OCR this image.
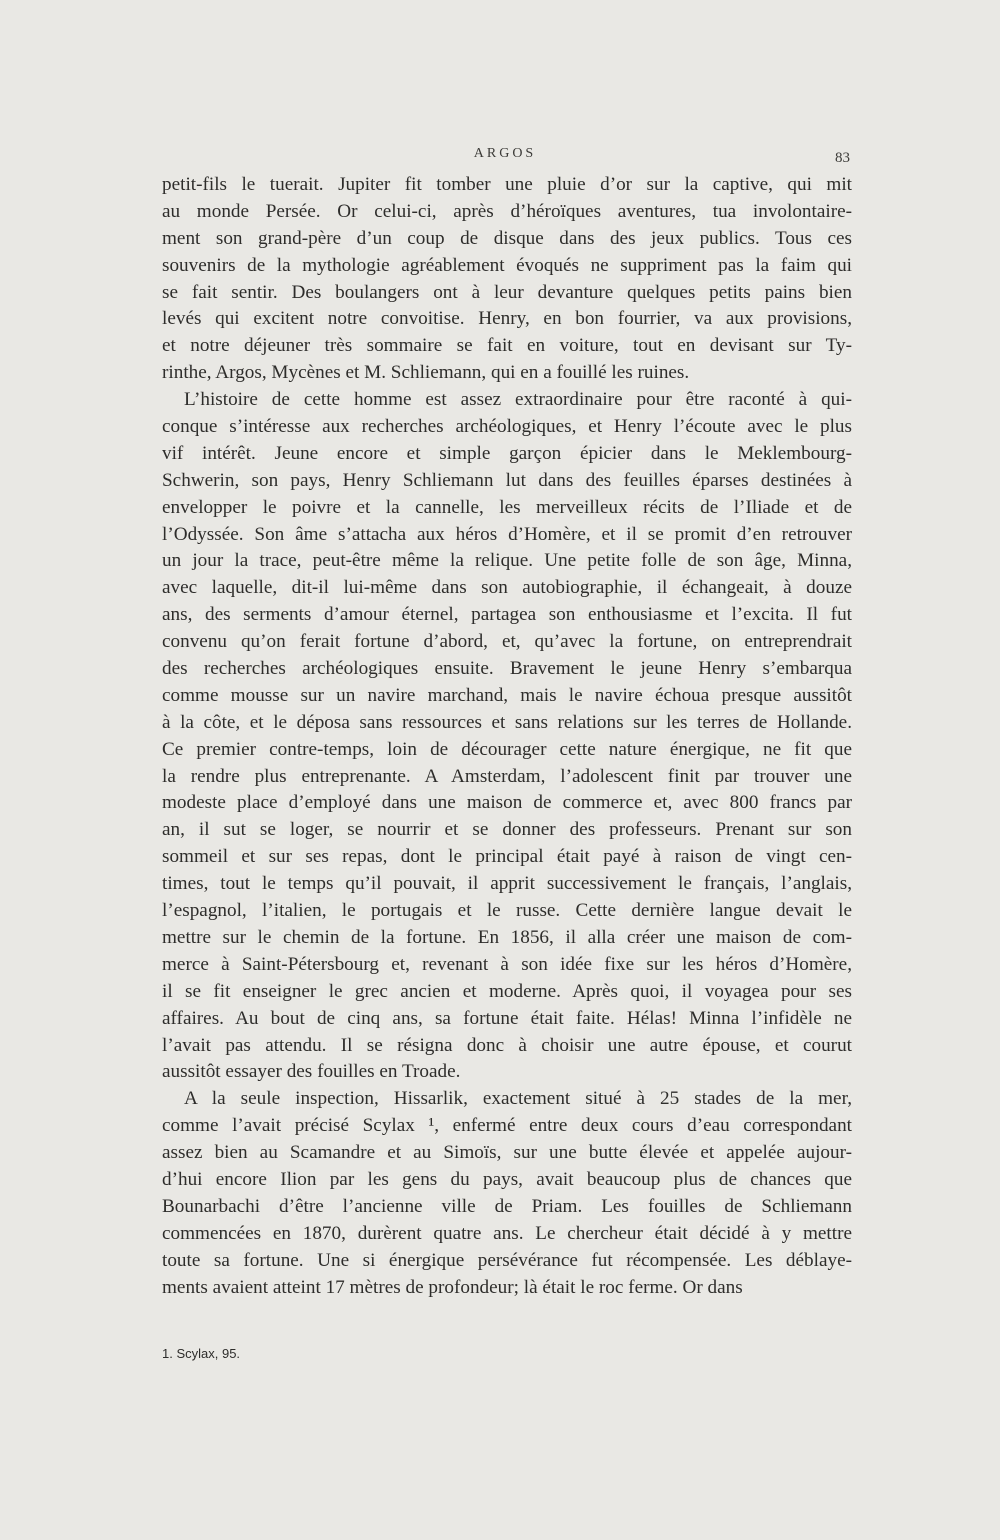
ARGOS	83
petit-fils le tuerait. Jupiter fit tomber une pluie d’or sur la captive, qui mit
au monde Persée. Or celui-ci, après d’héroïques aventures, tua involontaire-
ment son grand-père d’un coup de disque dans des jeux publics. Tous ces
souvenirs de la mythologie agréablement évoqués ne suppriment pas la faim qui
se fait sentir. Des boulangers ont à leur devanture quelques petits pains bien
levés qui excitent notre convoitise. Henry, en bon fourrier, va aux provisions,
et notre déjeuner très sommaire se fait en voiture, tout en devisant sur Ty-
rinthe, Argos, Mycènes et M. Schliemann, qui en a fouillé les ruines.
L’histoire de cette homme est assez extraordinaire pour être raconté à qui-
conque s’intéresse aux recherches archéologiques, et Henry l’écoute avec le plus
vif intérêt. Jeune encore et simple garçon épicier dans le Meklembourg-
Schwerin, son pays, Henry Schliemann lut dans des feuilles éparses destinées à
envelopper le poivre et la cannelle, les merveilleux récits de l’Iliade et de
l’Odyssée. Son âme s’attacha aux héros d’Homère, et il se promit d’en retrouver
un jour la trace, peut-être même la relique. Une petite folle de son âge, Minna,
avec laquelle, dit-il lui-même dans son autobiographie, il échangeait, à douze
ans, des serments d’amour éternel, partagea son enthousiasme et l’excita. Il fut
convenu qu’on ferait fortune d’abord, et, qu’avec la fortune, on entreprendrait
des recherches archéologiques ensuite. Bravement le jeune Henry s’embarqua
comme mousse sur un navire marchand, mais le navire échoua presque aussitôt
à la côte, et le déposa sans ressources et sans relations sur les terres de Hollande.
Ce premier contre-temps, loin de décourager cette nature énergique, ne fit que
la rendre plus entreprenante. A Amsterdam, l’adolescent finit par trouver une
modeste place d’employé dans une maison de commerce et, avec 800 francs par
an, il sut se loger, se nourrir et se donner des professeurs. Prenant sur son
sommeil et sur ses repas, dont le principal était payé à raison de vingt cen-
times, tout le temps qu’il pouvait, il apprit successivement le français, l’anglais,
l’espagnol, l’italien, le portugais et le russe. Cette dernière langue devait le
mettre sur le chemin de la fortune. En 1856, il alla créer une maison de com-
merce à Saint-Pétersbourg et, revenant à son idée fixe sur les héros d’Homère,
il se fit enseigner le grec ancien et moderne. Après quoi, il voyagea pour ses
affaires. Au bout de cinq ans, sa fortune était faite. Hélas! Minna l’infidèle ne
l’avait pas attendu. Il se résigna donc à choisir une autre épouse, et courut
aussitôt essayer des fouilles en Troade.
A la seule inspection, Hissarlik, exactement situé à 25 stades de la mer,
comme l’avait précisé Scylax ¹, enfermé entre deux cours d’eau correspondant
assez bien au Scamandre et au Simoïs, sur une butte élevée et appelée aujour-
d’hui encore Ilion par les gens du pays, avait beaucoup plus de chances que
Bounarbachi d’être l’ancienne ville de Priam. Les fouilles de Schliemann
commencées en 1870, durèrent quatre ans. Le chercheur était décidé à y mettre
toute sa fortune. Une si énergique persévérance fut récompensée. Les déblaye-
ments avaient atteint 17 mètres de profondeur; là était le roc ferme. Or dans
1. Scylax, 95.
